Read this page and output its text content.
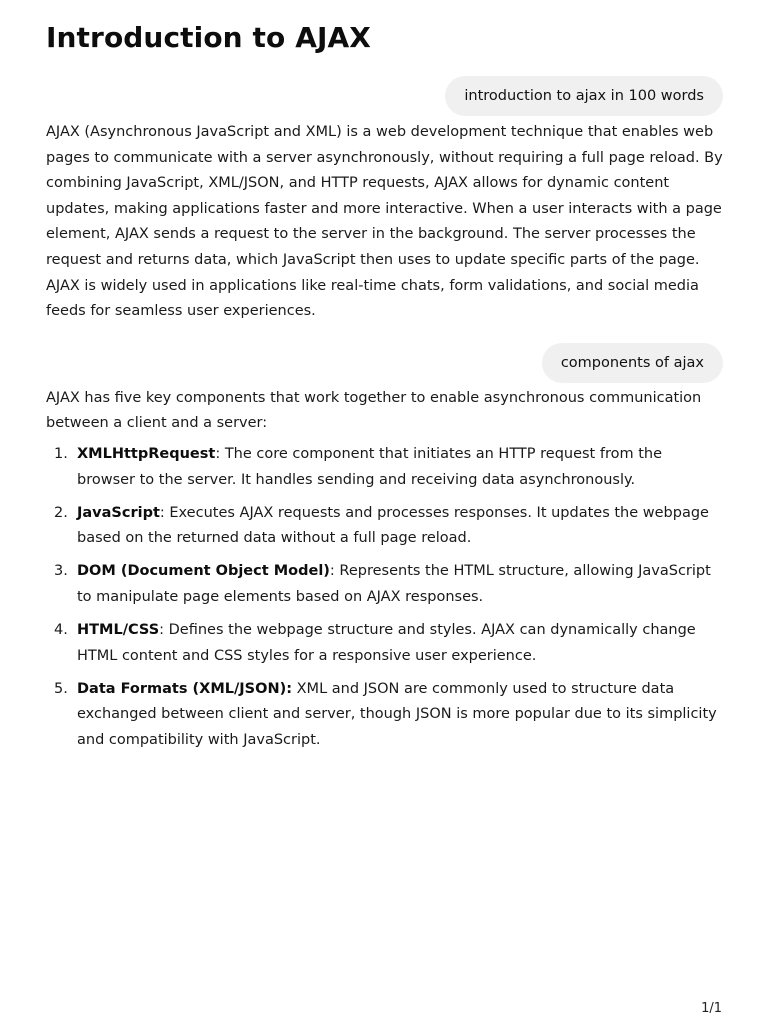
Introduction to AJAX
introduction to ajax in 100 words

AJAX (Asynchronous JavaScript and XML) is a web development technique that enables web pages to communicate with a server asynchronously, without requiring a full page reload. By combining JavaScript, XML/JSON, and HTTP requests, AJAX allows for dynamic content updates, making applications faster and more interactive. When a user interacts with a page element, AJAX sends a request to the server in the background. The server processes the request and returns data, which JavaScript then uses to update specific parts of the page. AJAX is widely used in applications like real-time chats, form validations, and social media feeds for seamless user experiences.

components of ajax

AJAX has five key components that work together to enable asynchronous communication between a client and a server:

1. XMLHttpRequest: The core component that initiates an HTTP request from the browser to the server. It handles sending and receiving data asynchronously.
2. JavaScript: Executes AJAX requests and processes responses. It updates the webpage based on the returned data without a full page reload.
3. DOM (Document Object Model): Represents the HTML structure, allowing JavaScript to manipulate page elements based on AJAX responses.
4. HTML/CSS: Defines the webpage structure and styles. AJAX can dynamically change HTML content and CSS styles for a responsive user experience.
5. Data Formats (XML/JSON): XML and JSON are commonly used to structure data exchanged between client and server, though JSON is more popular due to its simplicity and compatibility with JavaScript.
1/1
